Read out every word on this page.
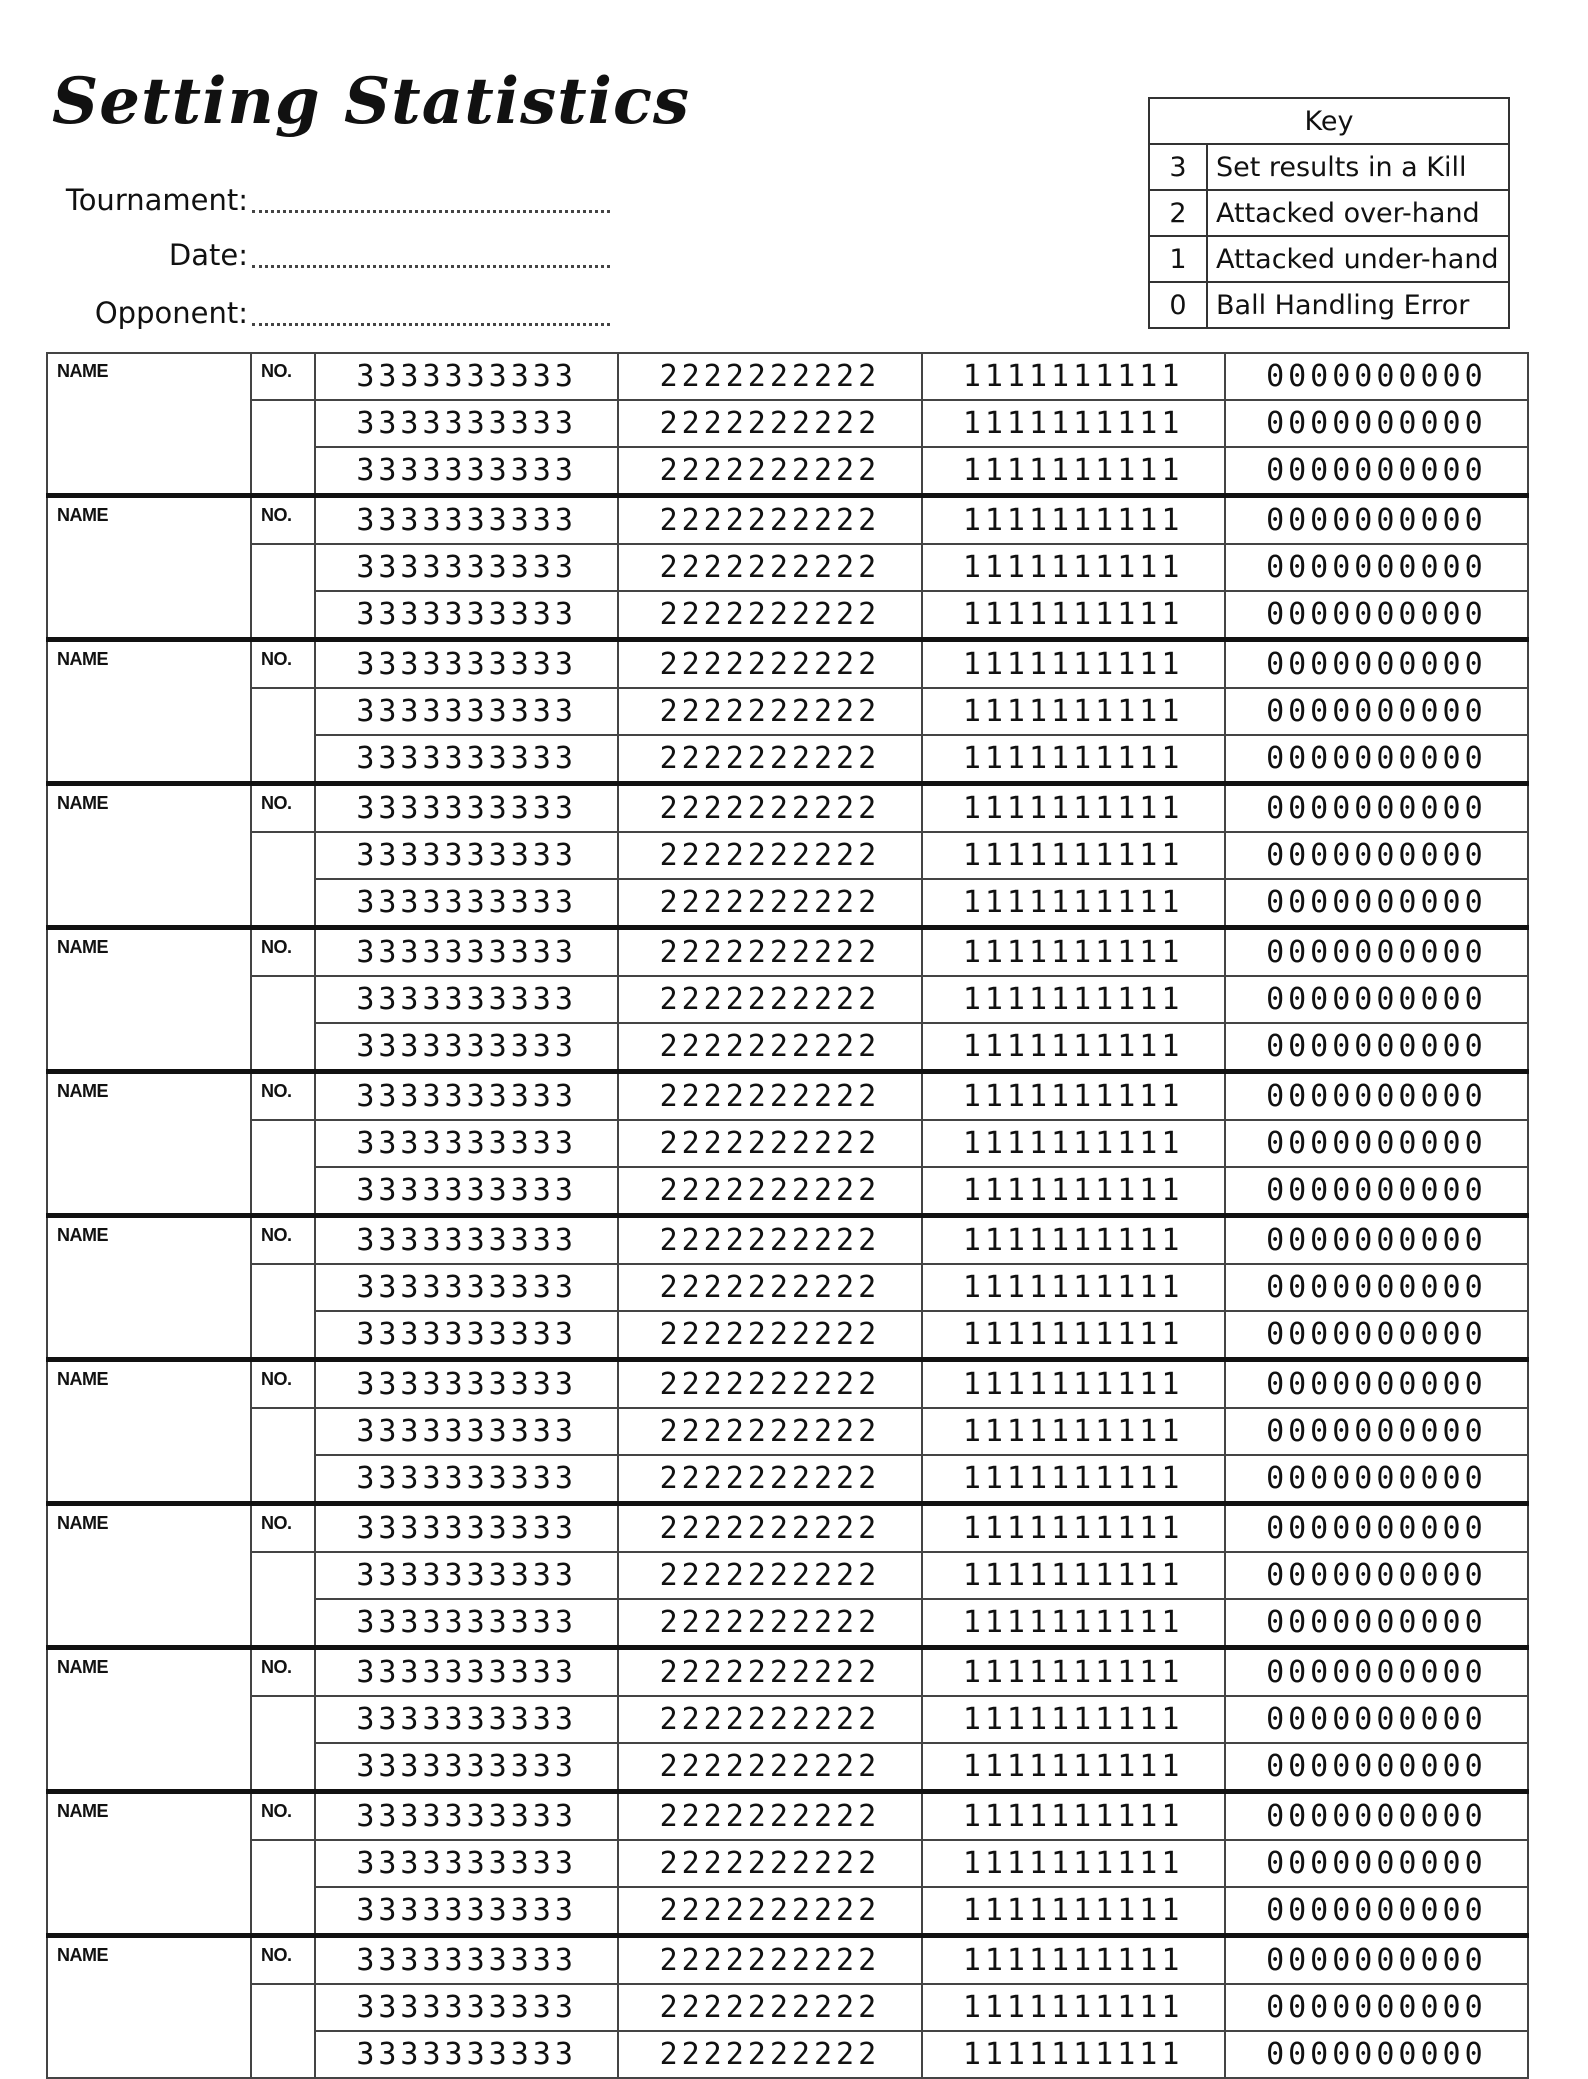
Setting Statistics
Tournament:
Date:
Opponent:
Key	
3	Set results in a Kill
2	Attacked over-hand
1	Attacked under-hand
0	Ball Handling Error
NAME	NO.	3333333333	2222222222	1111111111	0000000000
		3333333333	2222222222	1111111111	0000000000
		3333333333	2222222222	1111111111	0000000000

NAME	NO.	3333333333	2222222222	1111111111	0000000000
		3333333333	2222222222	1111111111	0000000000
		3333333333	2222222222	1111111111	0000000000

NAME	NO.	3333333333	2222222222	1111111111	0000000000
		3333333333	2222222222	1111111111	0000000000
		3333333333	2222222222	1111111111	0000000000

NAME	NO.	3333333333	2222222222	1111111111	0000000000
		3333333333	2222222222	1111111111	0000000000
		3333333333	2222222222	1111111111	0000000000

NAME	NO.	3333333333	2222222222	1111111111	0000000000
		3333333333	2222222222	1111111111	0000000000
		3333333333	2222222222	1111111111	0000000000

NAME	NO.	3333333333	2222222222	1111111111	0000000000
		3333333333	2222222222	1111111111	0000000000
		3333333333	2222222222	1111111111	0000000000

NAME	NO.	3333333333	2222222222	1111111111	0000000000
		3333333333	2222222222	1111111111	0000000000
		3333333333	2222222222	1111111111	0000000000

NAME	NO.	3333333333	2222222222	1111111111	0000000000
		3333333333	2222222222	1111111111	0000000000
		3333333333	2222222222	1111111111	0000000000

NAME	NO.	3333333333	2222222222	1111111111	0000000000
		3333333333	2222222222	1111111111	0000000000
		3333333333	2222222222	1111111111	0000000000

NAME	NO.	3333333333	2222222222	1111111111	0000000000
		3333333333	2222222222	1111111111	0000000000
		3333333333	2222222222	1111111111	0000000000

NAME	NO.	3333333333	2222222222	1111111111	0000000000
		3333333333	2222222222	1111111111	0000000000
		3333333333	2222222222	1111111111	0000000000

NAME	NO.	3333333333	2222222222	1111111111	0000000000
		3333333333	2222222222	1111111111	0000000000
		3333333333	2222222222	1111111111	0000000000
